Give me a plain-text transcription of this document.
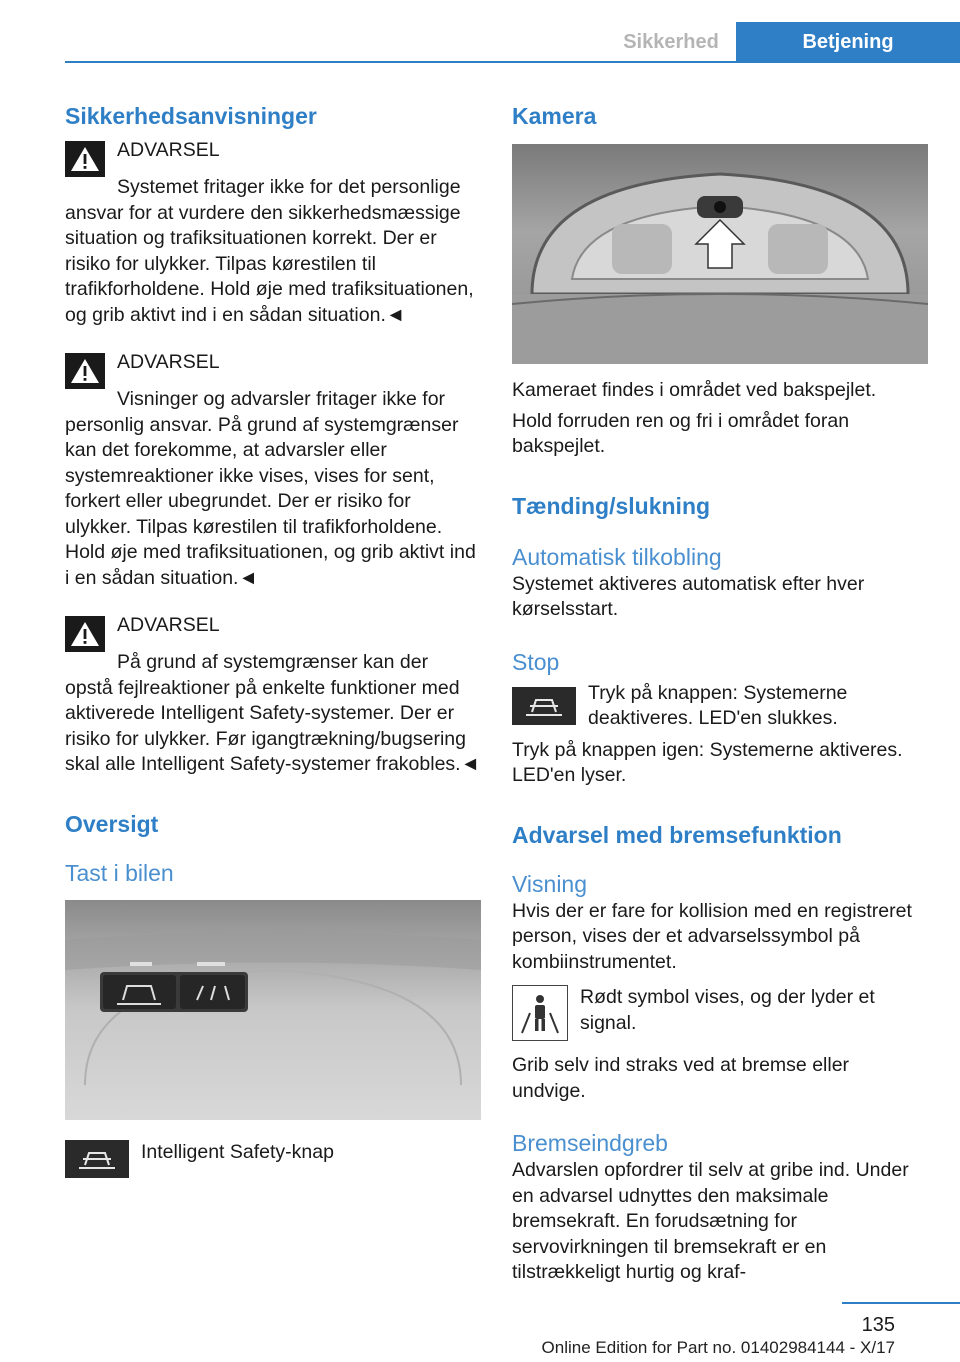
Sikkerhed	Betjening
Sikkerhedsanvisninger
ADVARSEL

Systemet fritager ikke for det personlige ansvar for at vurdere den sikkerhedsmæssige situation og trafiksituationen korrekt. Der er risiko for ulykker. Tilpas kørestilen til trafikforholdene. Hold øje med trafiksituationen, og grib aktivt ind i en sådan situation.◄

ADVARSEL

Visninger og advarsler fritager ikke for personlig ansvar. På grund af systemgrænser kan det forekomme, at advarsler eller systemreaktioner ikke vises, vises for sent, forkert eller ubegrundet. Der er risiko for ulykker. Tilpas kørestilen til trafikforholdene. Hold øje med trafiksituationen, og grib aktivt ind i en sådan situation.◄

ADVARSEL

På grund af systemgrænser kan der opstå fejlreaktioner på enkelte funktioner med aktiverede Intelligent Safety-systemer. Der er risiko for ulykker. Før igangtrækning/bugsering skal alle Intelligent Safety-systemer frakobles.◄

Oversigt
Tast i bilen

Intelligent Safety-knap

Kamera

Kameraet findes i området ved bakspejlet.

Hold forruden ren og fri i området foran bakspejlet.

Tænding/slukning
Automatisk tilkobling

Systemet aktiveres automatisk efter hver kørselsstart.

Stop

Tryk på knappen: Systemerne deaktiveres. LED'en slukkes.

Tryk på knappen igen: Systemerne aktiveres. LED'en lyser.

Advarsel med bremsefunktion
Visning

Hvis der er fare for kollision med en registreret person, vises der et advarselssymbol på kombiinstrumentet.

Rødt symbol vises, og der lyder et signal.

Grib selv ind straks ved at bremse eller undvige.

Bremseindgreb

Advarslen opfordrer til selv at gribe ind. Under en advarsel udnyttes den maksimale bremsekraft. En forudsætning for servovirkningen til bremsekraft er en tilstrækkeligt hurtig og kraf-

135
Online Edition for Part no. 01402984144 - X/17
